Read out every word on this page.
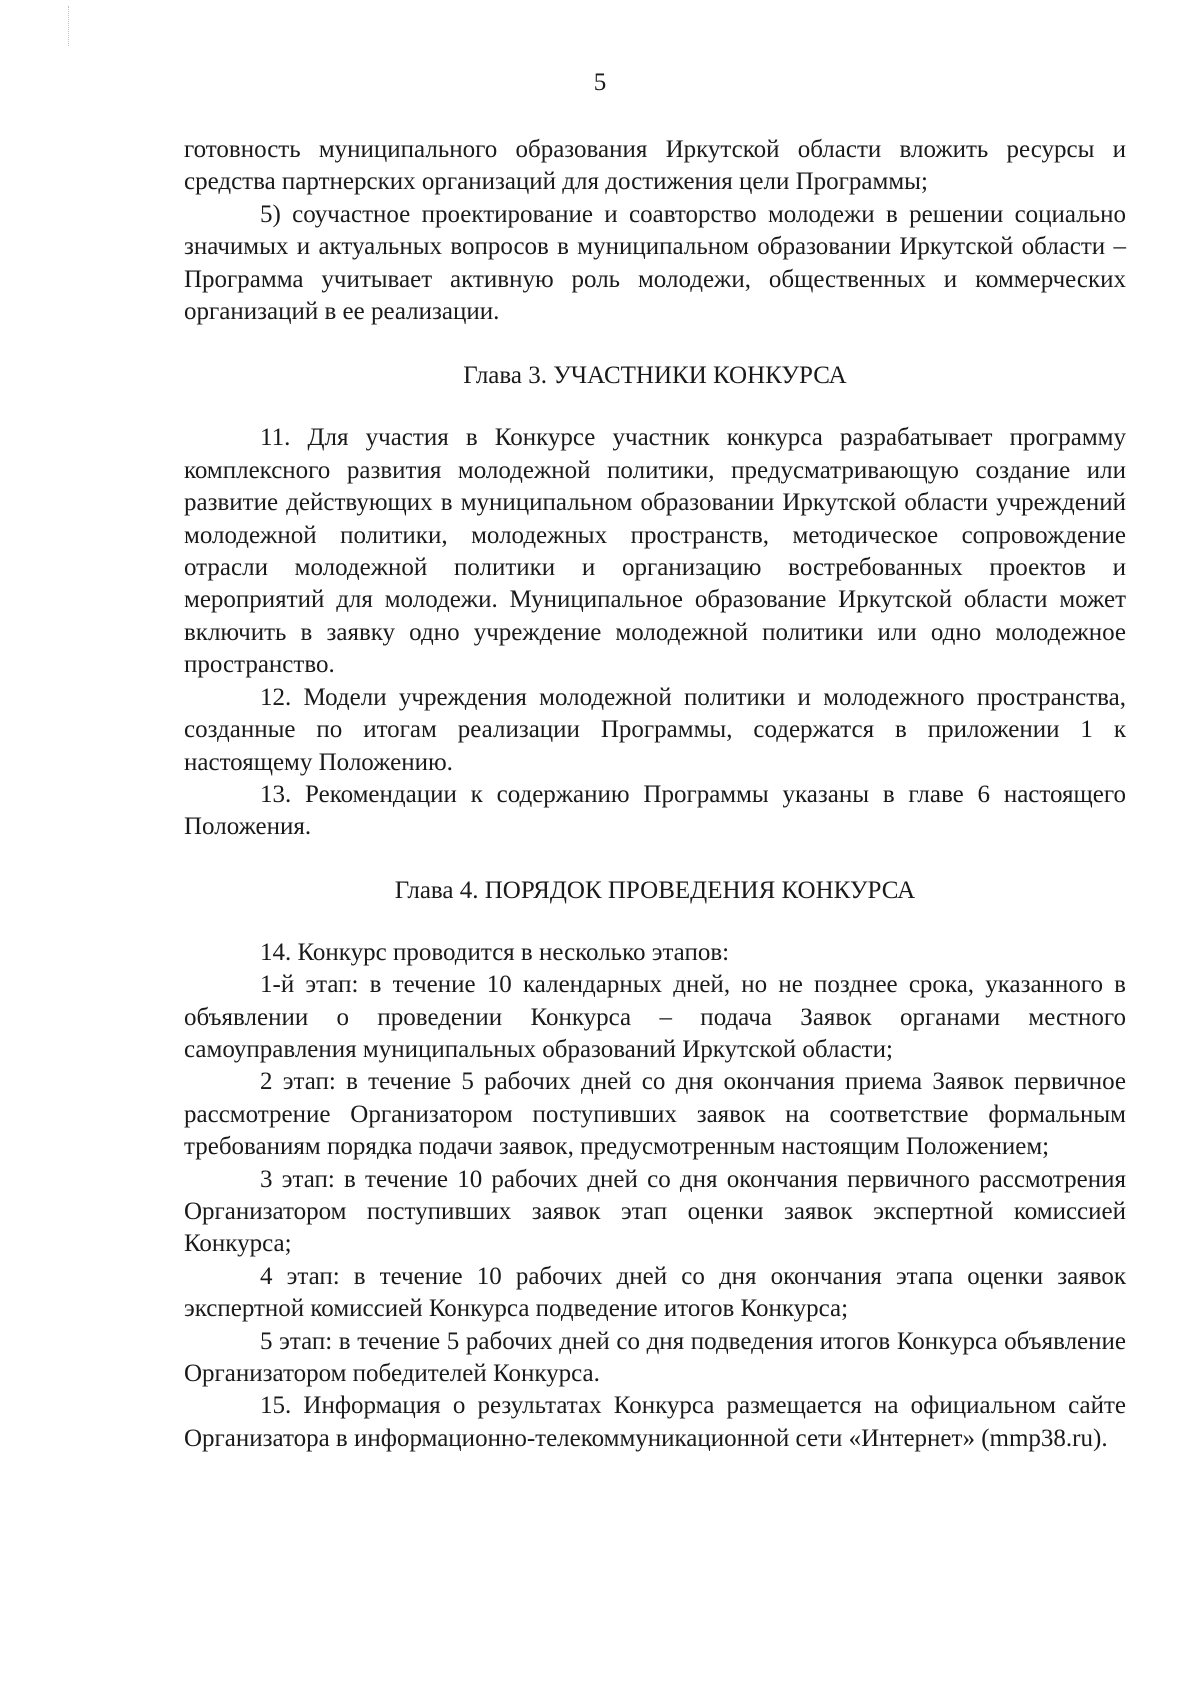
5

готовность муниципального образования Иркутской области вложить ресурсы и средства партнерских организаций для достижения цели Программы;

5) соучастное проектирование и соавторство молодежи в решении социально значимых и актуальных вопросов в муниципальном образовании Иркутской области – Программа учитывает активную роль молодежи, общественных и коммерческих организаций в ее реализации.

Глава 3. УЧАСТНИКИ КОНКУРСА

11. Для участия в Конкурсе участник конкурса разрабатывает программу комплексного развития молодежной политики, предусматривающую создание или развитие действующих в муниципальном образовании Иркутской области учреждений молодежной политики, молодежных пространств, методическое сопровождение отрасли молодежной политики и организацию востребованных проектов и мероприятий для молодежи. Муниципальное образование Иркутской области может включить в заявку одно учреждение молодежной политики или одно молодежное пространство.

12. Модели учреждения молодежной политики и молодежного пространства, созданные по итогам реализации Программы, содержатся в приложении 1 к настоящему Положению.

13. Рекомендации к содержанию Программы указаны в главе 6 настоящего Положения.

Глава 4. ПОРЯДОК ПРОВЕДЕНИЯ КОНКУРСА

14. Конкурс проводится в несколько этапов:

1-й этап: в течение 10 календарных дней, но не позднее срока, указанного в объявлении о проведении Конкурса – подача Заявок органами местного самоуправления муниципальных образований Иркутской области;

2 этап: в течение 5 рабочих дней со дня окончания приема Заявок первичное рассмотрение Организатором поступивших заявок на соответствие формальным требованиям порядка подачи заявок, предусмотренным настоящим Положением;

3 этап: в течение 10 рабочих дней со дня окончания первичного рассмотрения Организатором поступивших заявок этап оценки заявок экспертной комиссией Конкурса;

4 этап: в течение 10 рабочих дней со дня окончания этапа оценки заявок экспертной комиссией Конкурса подведение итогов Конкурса;

5 этап: в течение 5 рабочих дней со дня подведения итогов Конкурса объявление Организатором победителей Конкурса.

15. Информация о результатах Конкурса размещается на официальном сайте Организатора в информационно-телекоммуникационной сети «Интернет» (mmp38.ru).
